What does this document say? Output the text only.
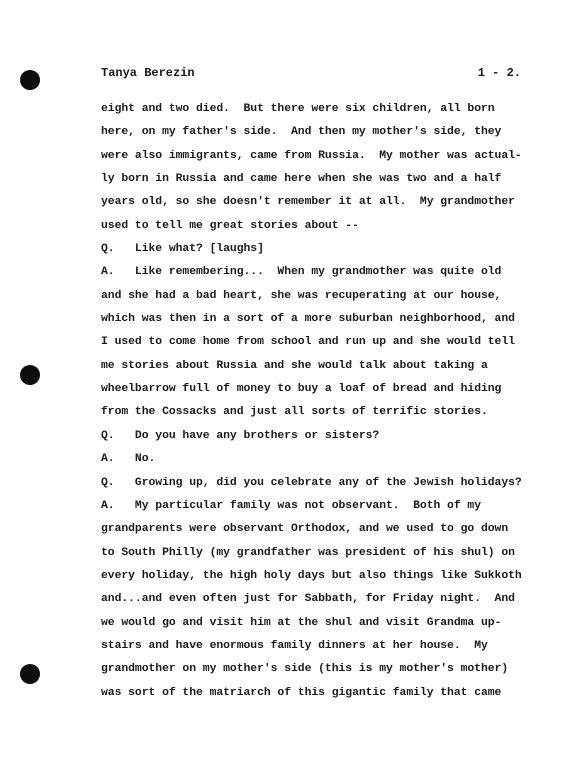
Tanya Berezin	1 - 2.
eight and two died.  But there were six children, all born
here, on my father's side.  And then my mother's side, they
were also immigrants, came from Russia.  My mother was actual-
ly born in Russia and came here when she was two and a half
years old, so she doesn't remember it at all.  My grandmother
used to tell me great stories about --
Q.   Like what? [laughs]
A.   Like remembering...  When my grandmother was quite old
and she had a bad heart, she was recuperating at our house,
which was then in a sort of a more suburban neighborhood, and
I used to come home from school and run up and she would tell
me stories about Russia and she would talk about taking a
wheelbarrow full of money to buy a loaf of bread and hiding
from the Cossacks and just all sorts of terrific stories.
Q.   Do you have any brothers or sisters?
A.   No.
Q.   Growing up, did you celebrate any of the Jewish holidays?
A.   My particular family was not observant.  Both of my
grandparents were observant Orthodox, and we used to go down
to South Philly (my grandfather was president of his shul) on
every holiday, the high holy days but also things like Sukkoth
and...and even often just for Sabbath, for Friday night.  And
we would go and visit him at the shul and visit Grandma up-
stairs and have enormous family dinners at her house.  My
grandmother on my mother's side (this is my mother's mother)
was sort of the matriarch of this gigantic family that came
